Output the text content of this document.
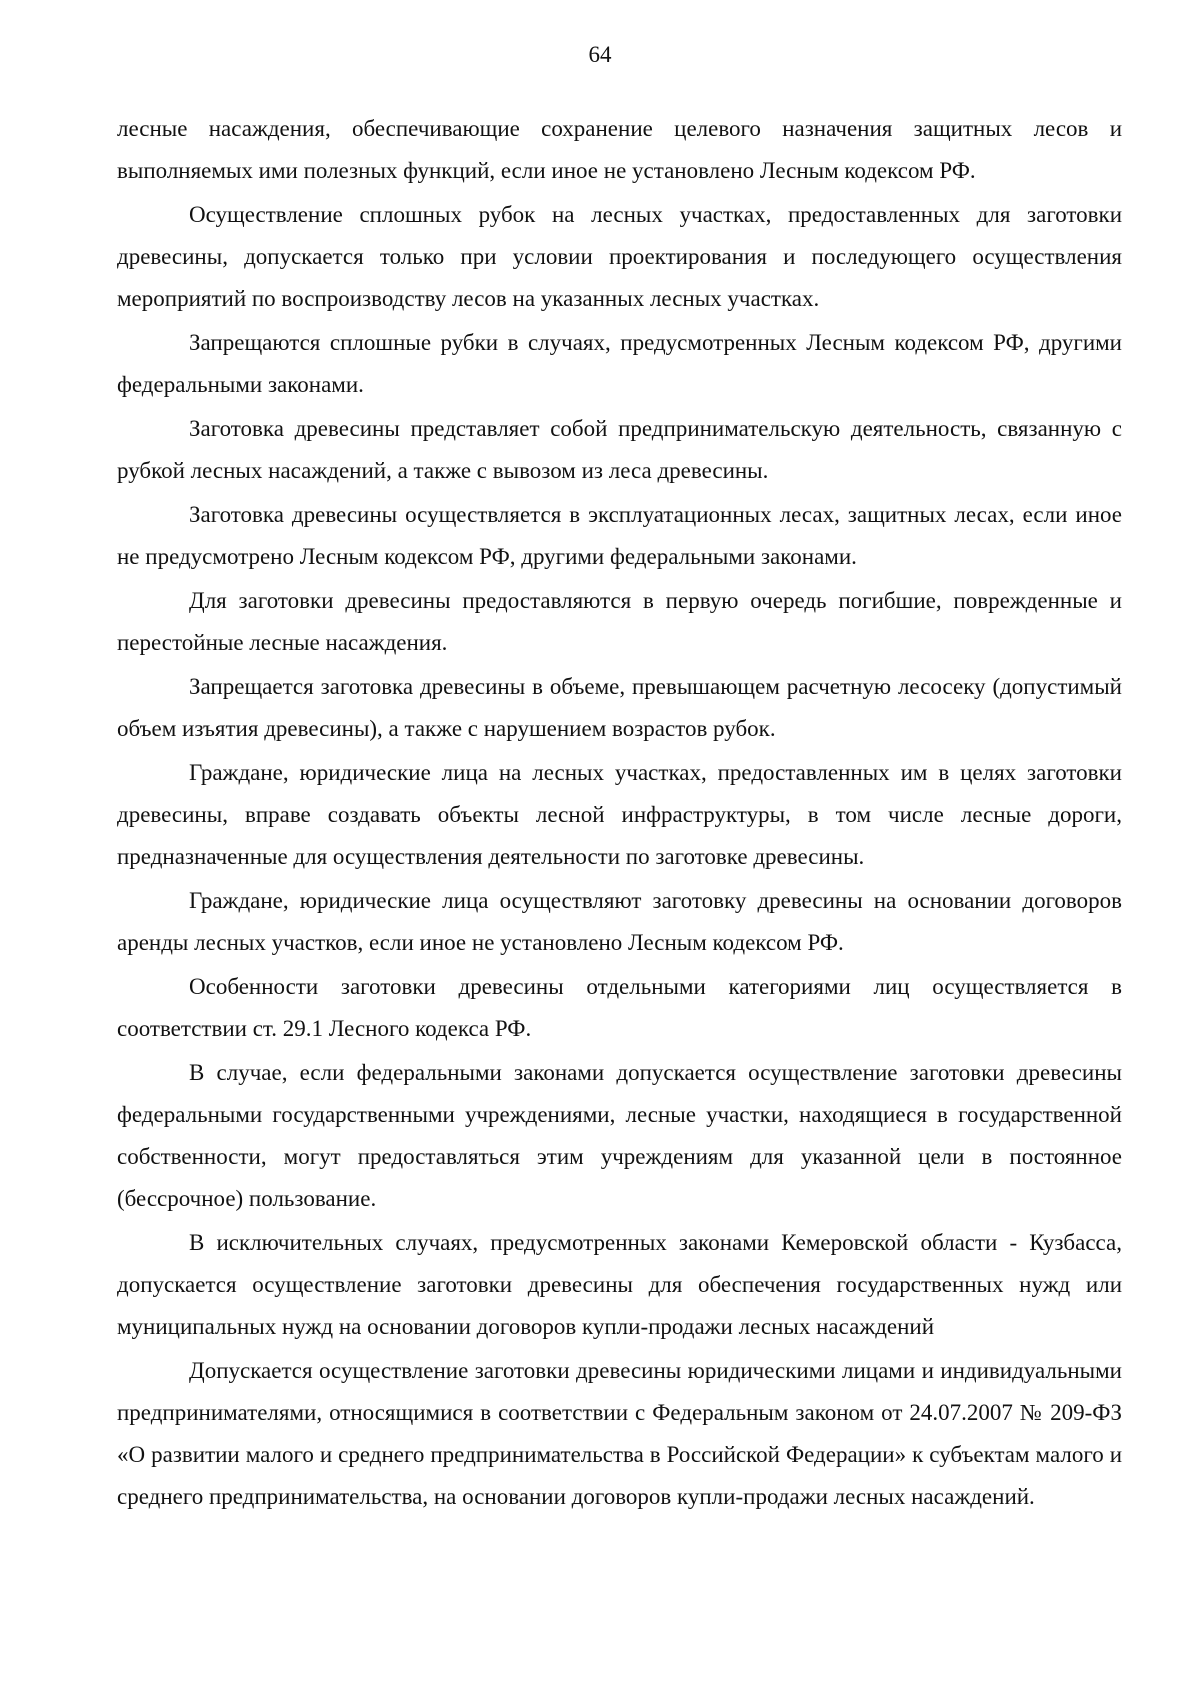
64

лесные насаждения, обеспечивающие сохранение целевого назначения защитных лесов и выполняемых ими полезных функций, если иное не установлено Лесным кодексом РФ.

Осуществление сплошных рубок на лесных участках, предоставленных для заготовки древесины, допускается только при условии проектирования и последующего осуществления мероприятий по воспроизводству лесов на указанных лесных участках.

Запрещаются сплошные рубки в случаях, предусмотренных Лесным кодексом РФ, другими федеральными законами.

Заготовка древесины представляет собой предпринимательскую деятельность, связанную с рубкой лесных насаждений, а также с вывозом из леса древесины.

Заготовка древесины осуществляется в эксплуатационных лесах, защитных лесах, если иное не предусмотрено Лесным кодексом РФ, другими федеральными законами.

Для заготовки древесины предоставляются в первую очередь погибшие, поврежденные и перестойные лесные насаждения.

Запрещается заготовка древесины в объеме, превышающем расчетную лесосеку (допустимый объем изъятия древесины), а также с нарушением возрастов рубок.

Граждане, юридические лица на лесных участках, предоставленных им в целях заготовки древесины, вправе создавать объекты лесной инфраструктуры, в том числе лесные дороги, предназначенные для осуществления деятельности по заготовке древесины.

Граждане, юридические лица осуществляют заготовку древесины на основании договоров аренды лесных участков, если иное не установлено Лесным кодексом РФ.

Особенности заготовки древесины отдельными категориями лиц осуществляется в соответствии ст. 29.1 Лесного кодекса РФ.

В случае, если федеральными законами допускается осуществление заготовки древесины федеральными государственными учреждениями, лесные участки, находящиеся в государственной собственности, могут предоставляться этим учреждениям для указанной цели в постоянное (бессрочное) пользование.

В исключительных случаях, предусмотренных законами Кемеровской области - Кузбасса, допускается осуществление заготовки древесины для обеспечения государственных нужд или муниципальных нужд на основании договоров купли-продажи лесных насаждений

Допускается осуществление заготовки древесины юридическими лицами и индивидуальными предпринимателями, относящимися в соответствии с Федеральным законом от 24.07.2007 № 209-ФЗ «О развитии малого и среднего предпринимательства в Российской Федерации» к субъектам малого и среднего предпринимательства, на основании договоров купли-продажи лесных насаждений.
